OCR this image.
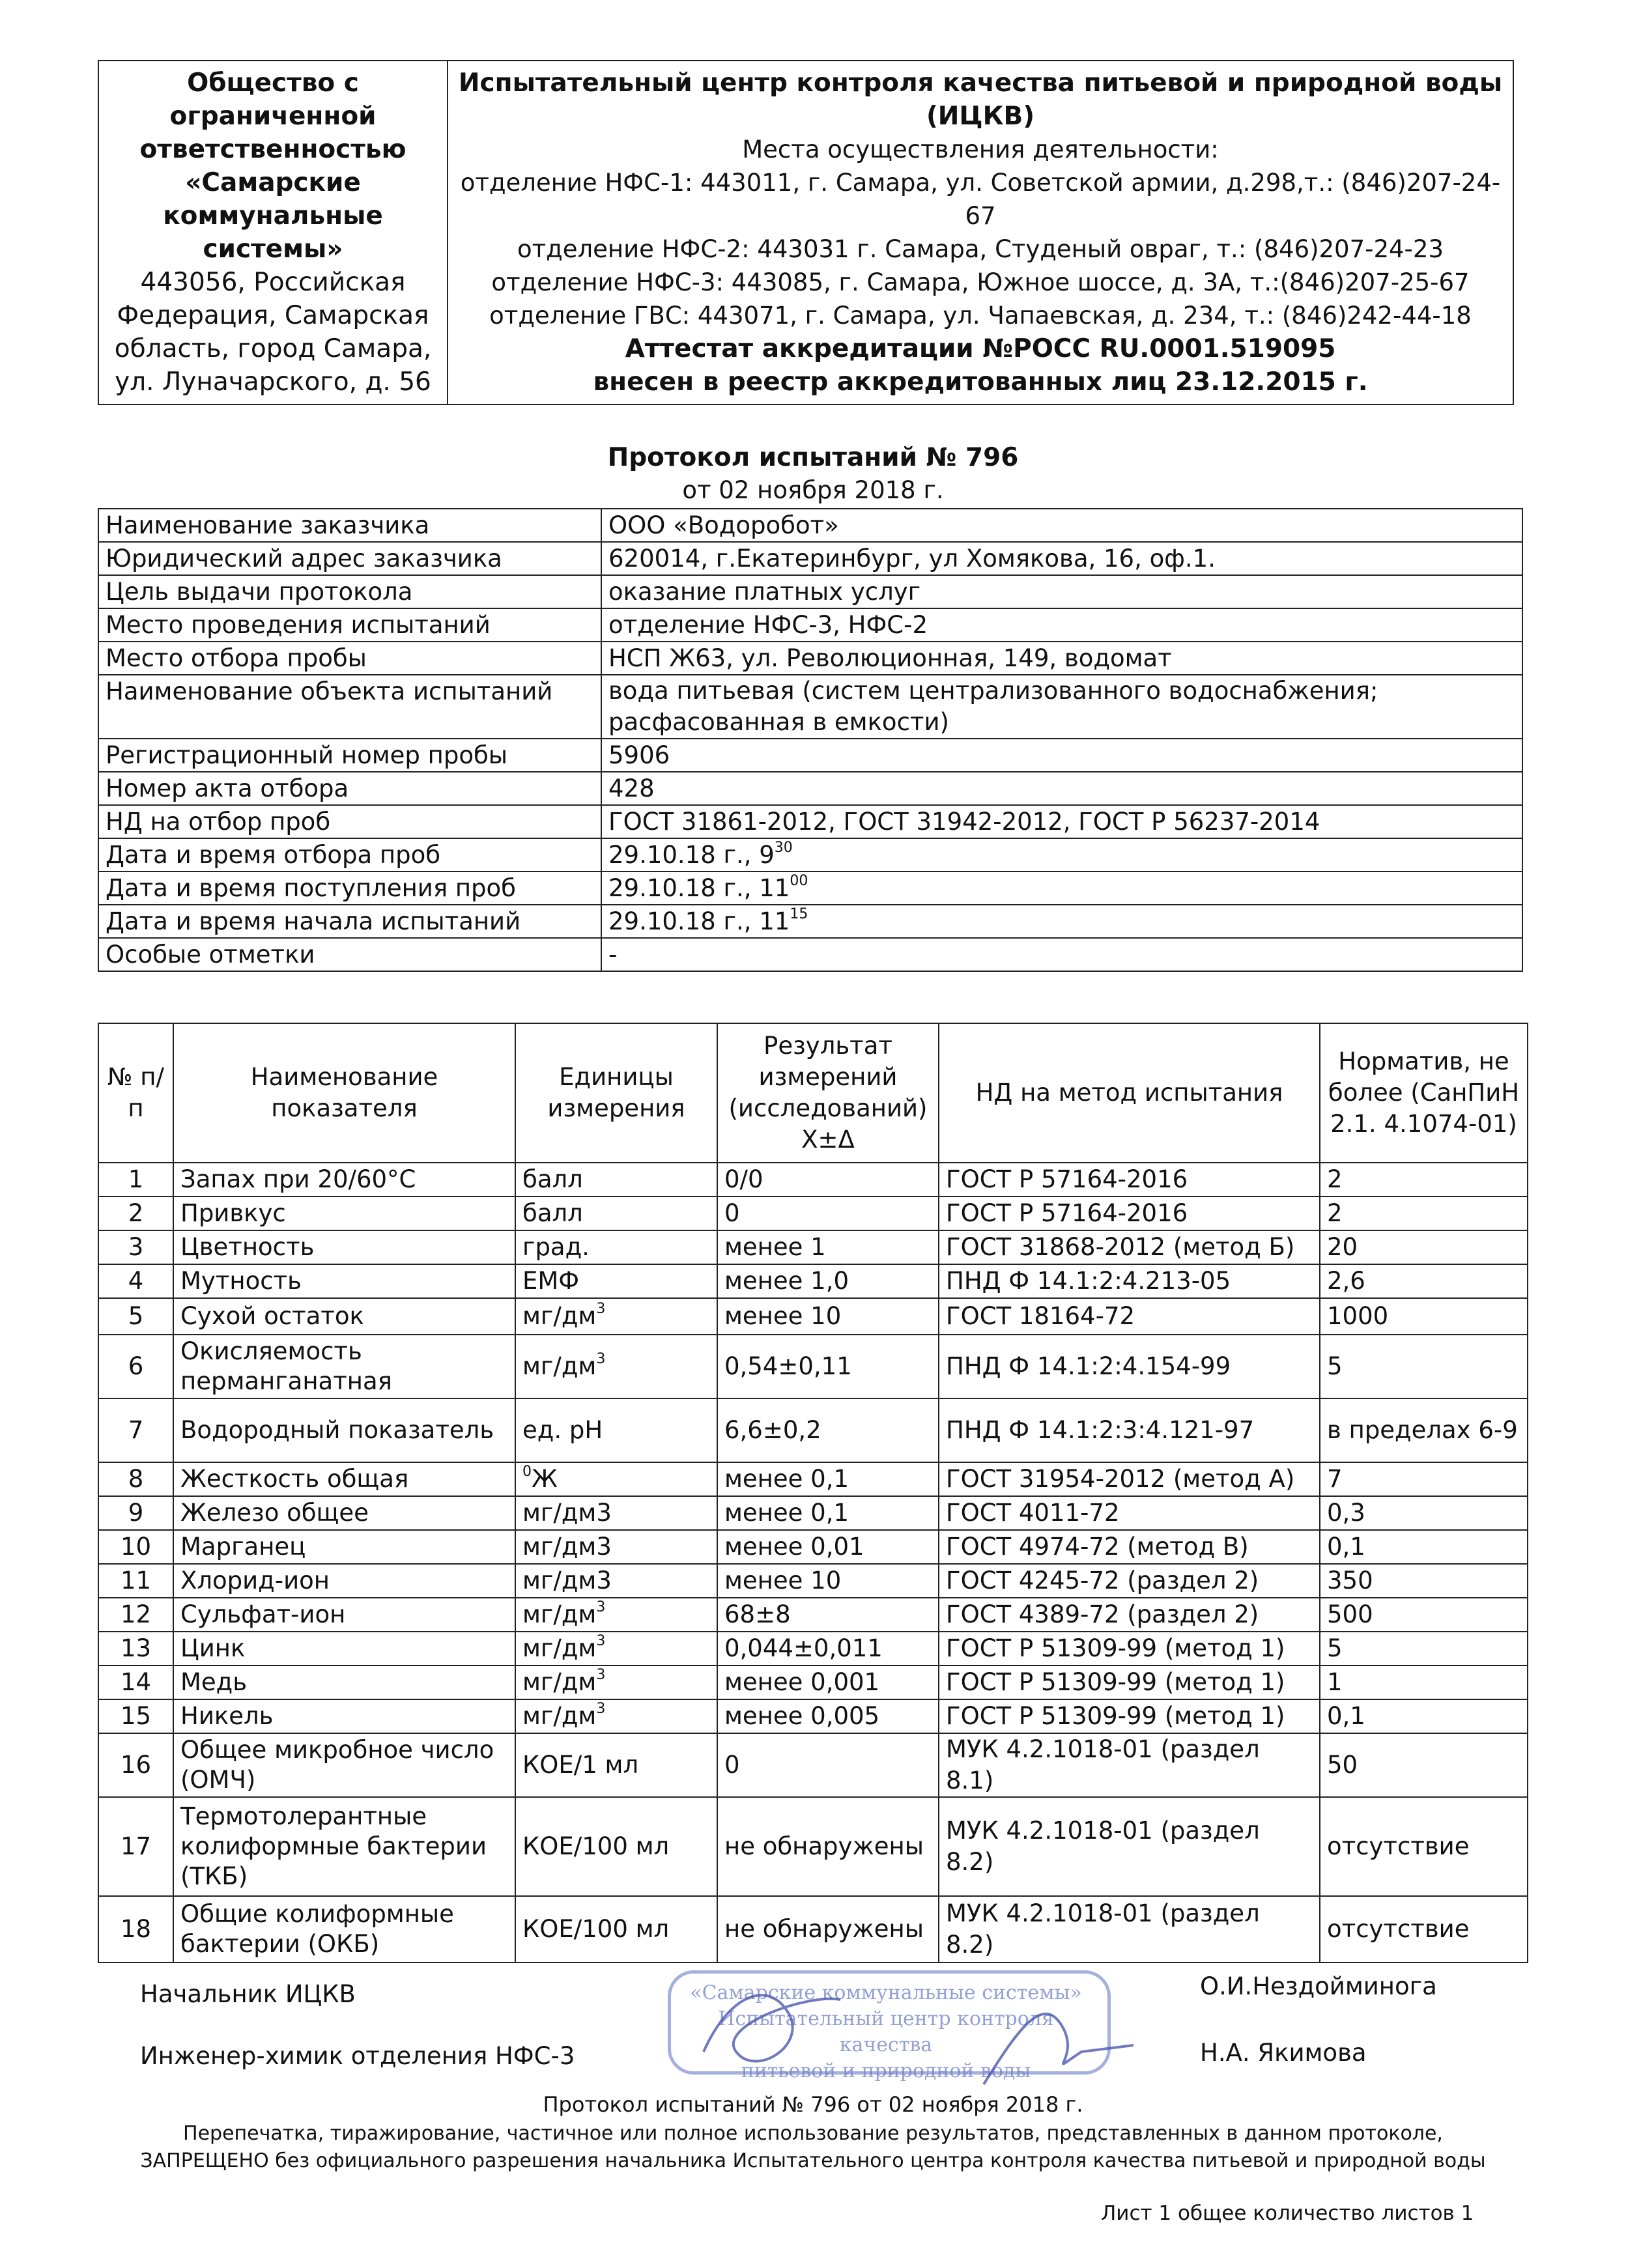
Общество с ограниченной ответственностью «Самарские коммунальные системы»
443056, Российская Федерация, Самарская область, город Самара, ул. Луначарского, д. 56

Испытательный центр контроля качества питьевой и природной воды
(ИЦКВ)
Места осуществления деятельности:
отделение НФС-1: 443011, г. Самара, ул. Советской армии, д.298,т.: (846)207-24-67
отделение НФС-2: 443031 г. Самара, Студеный овраг, т.: (846)207-24-23
отделение НФС-3: 443085, г. Самара, Южное шоссе, д. 3А, т.:(846)207-25-67
отделение ГВС: 443071, г. Самара, ул. Чапаевская, д. 234, т.: (846)242-44-18
Аттестат аккредитации №РОСС RU.0001.519095
внесен в реестр аккредитованных лиц 23.12.2015 г.
Протокол испытаний № 796
от 02 ноября 2018 г.
Наименование заказчика	ООО «Водоробот»
Юридический адрес заказчика	620014, г.Екатеринбург, ул Хомякова, 16, оф.1.
Цель выдачи протокола	оказание платных услуг
Место проведения испытаний	отделение НФС-3, НФС-2
Место отбора пробы	НСП Ж63, ул. Революционная, 149, водомат
Наименование объекта испытаний	вода питьевая (систем централизованного водоснабжения; расфасованная в емкости)
Регистрационный номер пробы	5906
Номер акта отбора	428
НД на отбор проб	ГОСТ 31861-2012, ГОСТ 31942-2012, ГОСТ Р 56237-2014
Дата и время отбора проб	29.10.18 г., $9^{30}$
Дата и время поступления проб	29.10.18 г., $11^{00}$
Дата и время начала испытаний	29.10.18 г., $11^{15}$
Особые отметки	-
№ п/п	Наименование показателя	Единицы измерения	Результат измерений (исследований) Х±Δ	НД на метод испытания	Норматив, не более (СанПиН 2.1. 4.1074-01)
1	Запах при 20/60°С	балл	0/0	ГОСТ Р 57164-2016	2
2	Привкус	балл	0	ГОСТ Р 57164-2016	2
3	Цветность	град.	менее 1	ГОСТ 31868-2012 (метод Б)	20
4	Мутность	ЕМФ	менее 1,0	ПНД Ф 14.1:2:4.213-05	2,6
5	Сухой остаток	$мг/дм^3$	менее 10	ГОСТ 18164-72	1000
6	Окисляемость перманганатная	$мг/дм^3$	0,54±0,11	ПНД Ф 14.1:2:4.154-99	5
7	Водородный показатель	ед. рН	6,6±0,2	ПНД Ф 14.1:2:3:4.121-97	в пределах 6-9
8	Жесткость общая	$^0$Ж	менее 0,1	ГОСТ 31954-2012 (метод А)	7
9	Железо общее	мг/дм3	менее 0,1	ГОСТ 4011-72	0,3
10	Марганец	мг/дм3	менее 0,01	ГОСТ 4974-72 (метод В)	0,1
11	Хлорид-ион	мг/дм3	менее 10	ГОСТ 4245-72 (раздел 2)	350
12	Сульфат-ион	$мг/дм^3$	68±8	ГОСТ 4389-72 (раздел 2)	500
13	Цинк	$мг/дм^3$	0,044±0,011	ГОСТ Р 51309-99 (метод 1)	5
14	Медь	$мг/дм^3$	менее 0,001	ГОСТ Р 51309-99 (метод 1)	1
15	Никель	$мг/дм^3$	менее 0,005	ГОСТ Р 51309-99 (метод 1)	0,1
16	Общее микробное число (ОМЧ)	КОЕ/1 мл	0	МУК 4.2.1018-01 (раздел 8.1)	50
17	Термотолерантные колиформные бактерии (ТКБ)	КОЕ/100 мл	не обнаружены	МУК 4.2.1018-01 (раздел 8.2)	отсутствие
18	Общие колиформные бактерии (ОКБ)	КОЕ/100 мл	не обнаружены	МУК 4.2.1018-01 (раздел 8.2)	отсутствие
Начальник ИЦКВ	О.И.Нездойминога
Инженер-химик отделения НФС-3	Н.А. Якимова
«Самарские коммунальные системы»
Испытательный центр контроля качества
питьевой и природной воды
Протокол испытаний № 796 от 02 ноября 2018 г.
Перепечатка, тиражирование, частичное или полное использование результатов, представленных в данном протоколе,
ЗАПРЕЩЕНО без официального разрешения начальника Испытательного центра контроля качества питьевой и природной воды
Лист 1 общее количество листов 1
